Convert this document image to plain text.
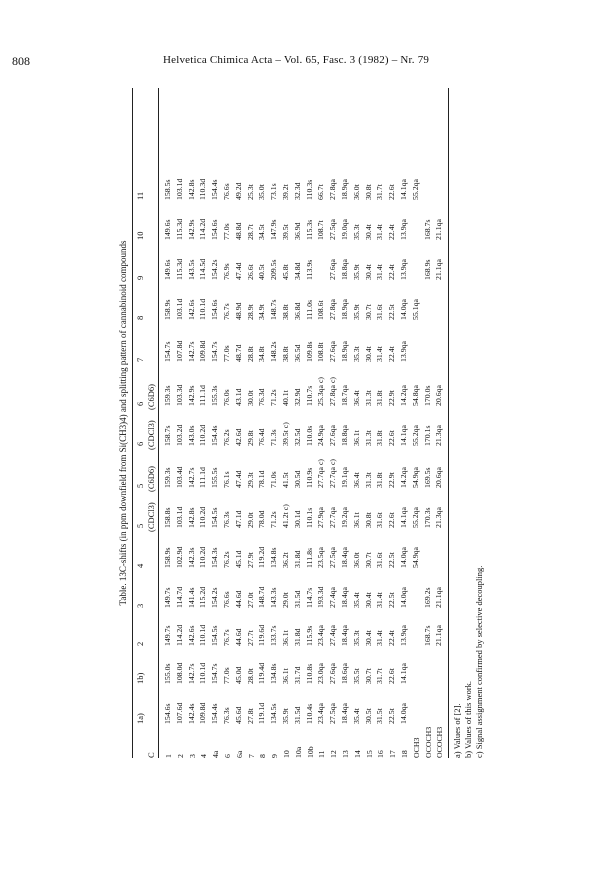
808	Helvetica Chimica Acta – Vol. 65, Fasc. 3 (1982) – Nr. 79
Table. 13C-shifts (in ppm downfield from Si(CH3)4) and splitting pattern of cannabinoid compounds
C
1a)
1b)
2
3
4
5 (CDCl3)
5 (C6D6)
6 (CDCl3)
6 (C6D6)
7
8
9
10
11
1
154.6s
155.0s
149.7s
149.7s
158.9s
158.8s
159.3s
158.7s
159.3s
154.7s
158.9s
149.6s
149.6s
158.5s
2
107.6d
108.0d
114.2d
114.7d
102.9d
103.1d
103.4d
103.2d
103.3d
107.8d
103.1d
115.3d
115.3d
103.1d
3
142.4s
142.7s
142.6s
141.4s
142.3s
142.8s
142.7s
143.0s
142.9s
142.7s
142.6s
143.5s
142.9s
142.8s
4
109.8d
110.1d
110.1d
115.2d
110.2d
110.2d
111.1d
110.2d
111.1d
109.8d
110.1d
114.5d
114.2d
110.3d
4a
154.4s
154.7s
154.5s
154.2s
154.3s
154.5s
155.5s
154.4s
155.3s
154.7s
154.6s
154.2s
154.6s
154.4s
6
76.3s
77.0s
76.7s
76.6s
76.2s
76.3s
76.1s
76.2s
76.0s
77.0s
76.7s
76.9s
77.0s
76.6s
6a
45.6d
45.0d
44.6d
44.6d
45.1d
47.1d
47.4d
42.6d
43.1d
48.7d
48.9d
47.4d
48.8d
49.2d
7
27.8t
28.0t
27.7t
27.0t
27.9t
29.0t
29.3t
29.8t
30.0t
28.8t
28.9t
26.6t
28.7t
25.3t
8
119.1d
119.4d
119.6d
148.7d
119.2d
78.0d
78.1d
76.4d
76.3d
34.8t
34.9t
40.5t
34.5t
35.0t
9
134.5s
134.8s
133.7s
143.3s
134.8s
71.2s
71.0s
71.3s
71.2s
148.2s
148.7s
209.5s
147.9s
73.1s
10
35.9t
36.1t
36.1t
29.0t
36.2t
41.2t c)
41.5t
39.5t c)
40.1t
38.8t
38.8t
45.8t
39.5t
39.2t
10a
31.5d
31.7d
31.8d
31.5d
31.8d
30.1d
30.5d
32.5d
32.9d
36.5d
36.8d
34.8d
36.9d
32.3d
10b
110.4s
110.8s
115.9s
114.7s
111.8s
110.1s
110.9s
110.0s
110.7s
109.8s
111.0s
113.9s
115.3s
110.3s
11
23.4qa
23.0qa
23.4qa
193.3d
23.5qa
27.9qa
27.7qa c)
24.9qa
25.3qa c)
108.8t
108.6t
108.7t
66.7t
12
27.5qa
27.6qa
27.4qa
27.4qa
27.5qa
27.7qa
27.7qa c)
27.6qa
27.8qa c)
27.6qa
27.8qa
27.6qa
27.5qa
27.8qa
13
18.4qa
18.6qa
18.4qa
18.4qa
18.4qa
19.2qa
19.1qa
18.8qa
18.7qa
18.9qa
18.9qa
18.8qa
19.0qa
18.9qa
14
35.4t
35.5t
35.3t
35.4t
36.0t
36.1t
36.4t
36.1t
36.4t
35.3t
35.9t
35.9t
35.3t
36.0t
15
30.5t
30.7t
30.4t
30.4t
30.7t
30.8t
31.3t
31.3t
31.3t
30.4t
30.7t
30.4t
30.4t
30.8t
16
31.5t
31.7t
31.4t
31.4t
31.6t
31.6t
31.8t
31.8t
31.8t
31.4t
31.6t
31.4t
31.4t
31.7t
17
22.5t
22.6t
22.4t
22.5t
22.5t
22.6t
22.9t
22.6t
22.9t
22.4t
22.5t
22.4t
22.4t
22.6t
18
14.0qa
14.1qa
13.9qa
14.0qa
14.0qa
14.1qa
14.2qa
14.1qa
14.2qa
13.9qa
14.0qa
13.9qa
13.9qa
14.1qa
OCH3
54.9qa
55.2qa
54.9qa
55.2qa
54.8qa
55.1qa
55.2qa
OCOCH3
168.7s
169.2s
170.3s
169.5s
170.1s
170.0s
168.9s
168.7s
OCOCH3
21.1qa
21.1qa
21.3qa
20.6qa
21.3qa
20.6qa
21.1qa
21.1qa
a) Values of [2]. b) Values of this work. c) Signal assignment confirmed by selective decoupling.
